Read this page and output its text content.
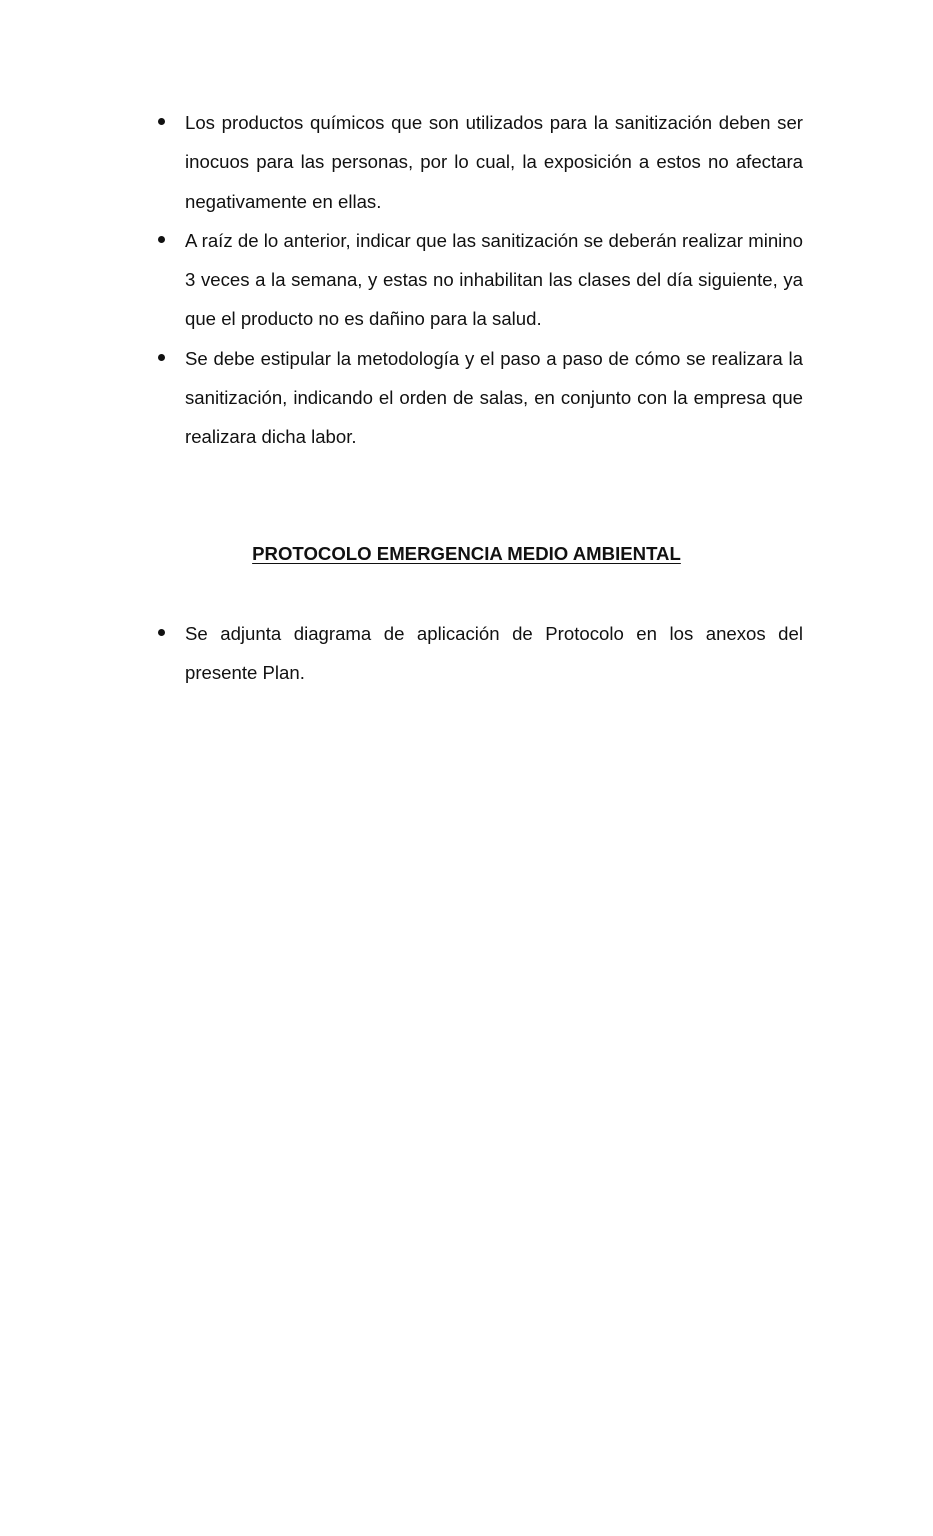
Los productos químicos que son utilizados para la sanitización deben ser inocuos para las personas, por lo cual, la exposición a estos no afectara negativamente en ellas.
A raíz de lo anterior, indicar que las sanitización se deberán realizar minino 3 veces a la semana, y estas no inhabilitan las clases del día siguiente, ya que el producto no es dañino para la salud.
Se debe estipular la metodología y el paso a paso de cómo se realizara la sanitización, indicando el orden de salas, en conjunto con la empresa que realizara dicha labor.
PROTOCOLO EMERGENCIA MEDIO AMBIENTAL
Se adjunta diagrama de aplicación de Protocolo en los anexos del presente Plan.
